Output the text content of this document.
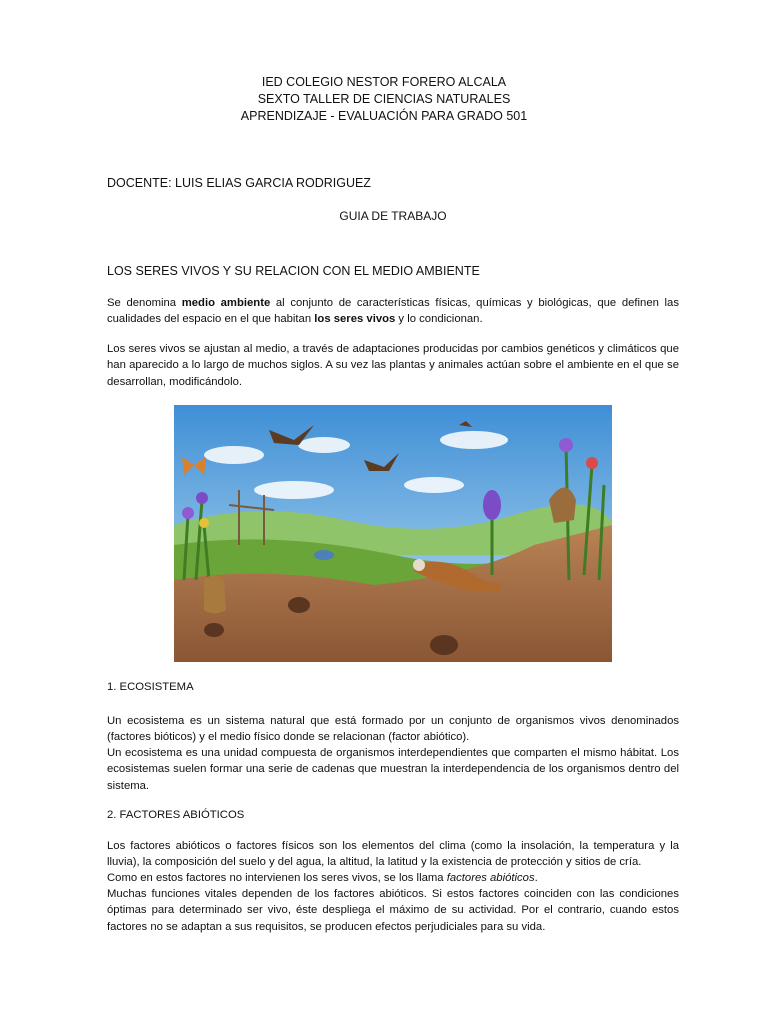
IED COLEGIO NESTOR FORERO ALCALA
SEXTO TALLER DE CIENCIAS NATURALES
APRENDIZAJE - EVALUACIÓN PARA GRADO 501
DOCENTE: LUIS ELIAS GARCIA RODRIGUEZ
GUIA DE TRABAJO
LOS SERES VIVOS Y SU RELACION CON EL MEDIO AMBIENTE
Se denomina medio ambiente al conjunto de características físicas, químicas y biológicas, que definen las cualidades del espacio en el que habitan los seres vivos y lo condicionan.
Los seres vivos se ajustan al medio, a través de adaptaciones producidas por cambios genéticos y climáticos que han aparecido a lo largo de muchos siglos. A su vez las plantas y animales actúan sobre el ambiente en el que se desarrollan, modificándolo.
1. ECOSISTEMA
Un ecosistema es un sistema natural que está formado por un conjunto de organismos vivos denominados (factores bióticos) y el medio físico donde se relacionan (factor abiótico).
Un ecosistema es una unidad compuesta de organismos interdependientes que comparten el mismo hábitat. Los ecosistemas suelen formar una serie de cadenas que muestran la interdependencia de los organismos dentro del sistema.
2. FACTORES ABIÓTICOS
Los factores abióticos o factores físicos son los elementos del clima (como la insolación, la temperatura y la lluvia), la composición del suelo y del agua, la altitud, la latitud y la existencia de protección y sitios de cría.
Como en estos factores no intervienen los seres vivos, se los llama factores abióticos.
Muchas funciones vitales dependen de los factores abióticos. Si estos factores coinciden con las condiciones óptimas para determinado ser vivo, éste despliega el máximo de su actividad. Por el contrario, cuando estos factores no se adaptan a sus requisitos, se producen efectos perjudiciales para su vida.
